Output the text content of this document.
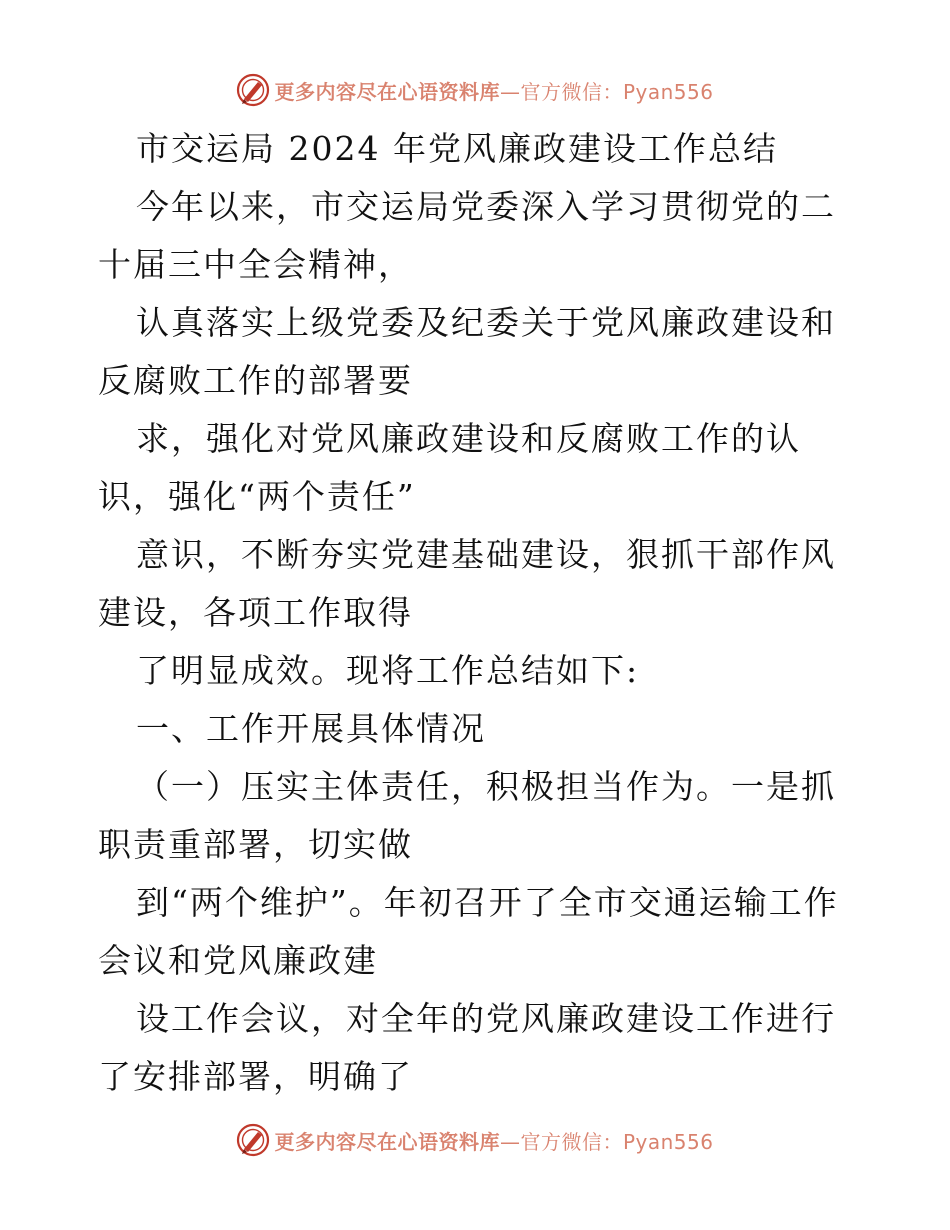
更多内容尽在心语资料库—官方微信：Pyan556

市交运局 2024 年党风廉政建设工作总结

今年以来，市交运局党委深入学习贯彻党的二十届三中全会精神，

认真落实上级党委及纪委关于党风廉政建设和反腐败工作的部署要

求，强化对党风廉政建设和反腐败工作的认识，强化“两个责任”

意识，不断夯实党建基础建设，狠抓干部作风建设，各项工作取得

了明显成效。现将工作总结如下:

一、工作开展具体情况

（一）压实主体责任，积极担当作为。一是抓职责重部署，切实做

到“两个维护”。年初召开了全市交通运输工作会议和党风廉政建

设工作会议，对全年的党风廉政建设工作进行了安排部署，明确了

更多内容尽在心语资料库—官方微信：Pyan556
